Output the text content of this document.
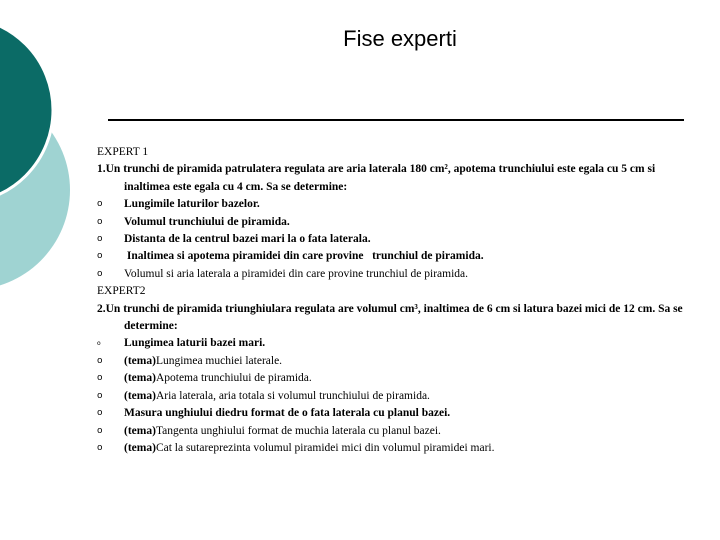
Fise experti
EXPERT 1
1.Un trunchi de piramida patrulatera regulata are aria laterala 180 cm², apotema trunchiului este egala cu 5 cm si inaltimea este egala cu 4 cm. Sa se determine:
o	Lungimile laturilor bazelor.
o	Volumul trunchiului de piramida.
o	Distanta de la centrul bazei mari la o fata laterala.
o	Inaltimea si apotema piramidei din care provine   trunchiul de piramida.
o	Volumul si aria laterala a piramidei din care provine trunchiul de piramida.
EXPERT2
2.Un trunchi de piramida triunghiulara regulata are volumul cm³, inaltimea de 6 cm si latura bazei mici de 12 cm. Sa se determine:
o	Lungimea laturii bazei mari.
o	(tema)Lungimea muchiei laterale.
o	(tema)Apotema trunchiului de piramida.
o	(tema)Aria laterala, aria totala si volumul trunchiului de piramida.
o	Masura unghiului diedru format de o fata laterala cu planul bazei.
o	(tema)Tangenta unghiului format de muchia laterala cu planul bazei.
o	(tema)Cat la sutareprezinta volumul piramidei mici din volumul piramidei mari.
